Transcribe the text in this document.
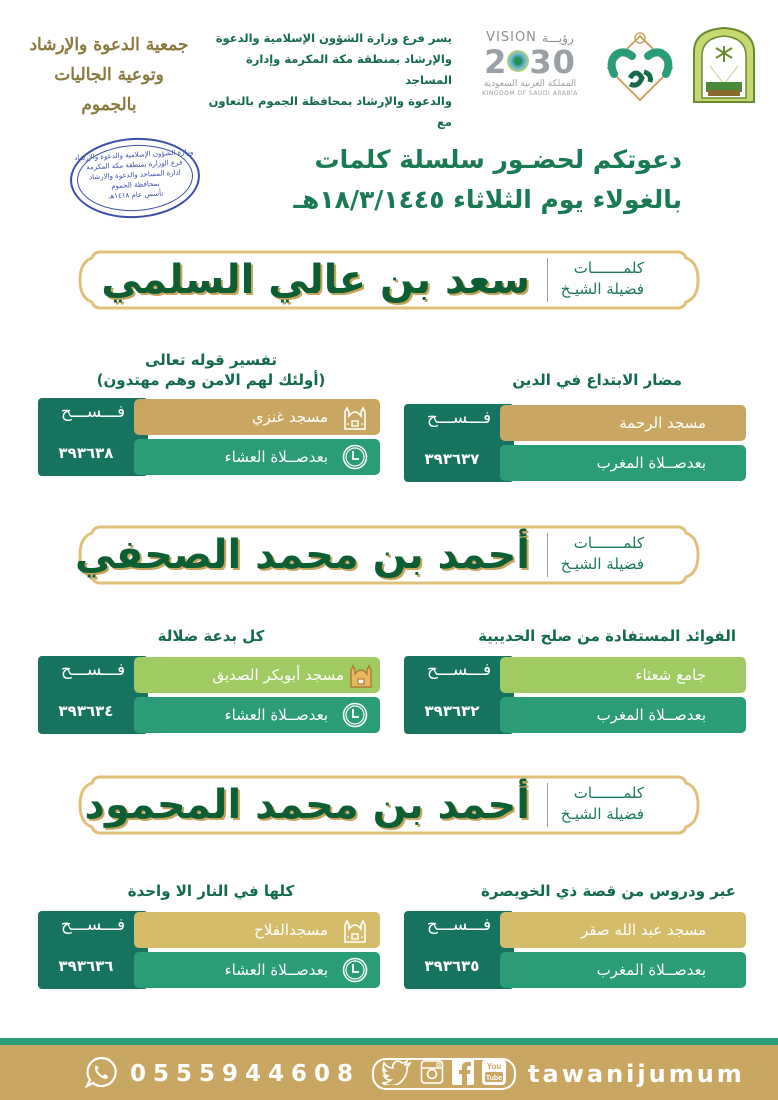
جمعية الدعوة والإرشاد
وتوعية الجاليات بالجموم
يسر فرع وزارة الشؤون الإسلامية والدعوة
والإرشاد بمنطقة مكة المكرمة وإدارة المساجد
والدعوة والإرشاد بمحافظة الجموم بالتعاون مع
VISION رؤيـــة
2 30
المملكة العربية السعودية
KINGDOM OF SAUDI ARABIA
وزارة الشؤون الإسلامية والدعوة والإرشاد
فرع الوزارة بمنطقة مكة المكرمة
ادارة المساجد والدعوة والارشاد
بمحافظة الجموم
تأسس عام ١٤١٨هـ
دعوتكم لحضـور سلسلة كلمات
بالغولاء يوم الثلاثاء ١٨/٣/١٤٤٥هـ
كلمـــــــات
فضيلة الشيـخ
سعد بن عالي السلمي
مضار الابتداع في الدين
فـــســـح
٣٩٣٦٣٧
مسجد الرحمة
بعدصــلاة المغرب
تفسير قوله تعالى
(أولئك لهم الامن وهم مهتدون)
فـــســـح
٣٩٣٦٣٨
مسجد غنزي
بعدصــلاة العشاء
كلمـــــــات
فضيلة الشيـخ
أحمد بن محمد الصحفي
الفوائد المستفادة من صلح الحديبية
فـــســـح
٣٩٣٦٣٢
جامع شعثاء
بعدصــلاة المغرب
كل بدعة ضلالة
فـــســـح
٣٩٣٦٣٤
مسجد أبوبكر الصديق
بعدصــلاة العشاء
كلمـــــــات
فضيلة الشيـخ
أحمد بن محمد المحمود
عبر ودروس من قصة ذي الخويصرة
فـــســـح
٣٩٣٦٣٥
مسجد عبد الله صقر
بعدصــلاة المغرب
كلها في النار الا واحدة
فـــســـح
٣٩٣٦٣٦
مسجدالفلاح
بعدصــلاة العشاء
0555944608	You
Tube tawanijumum
